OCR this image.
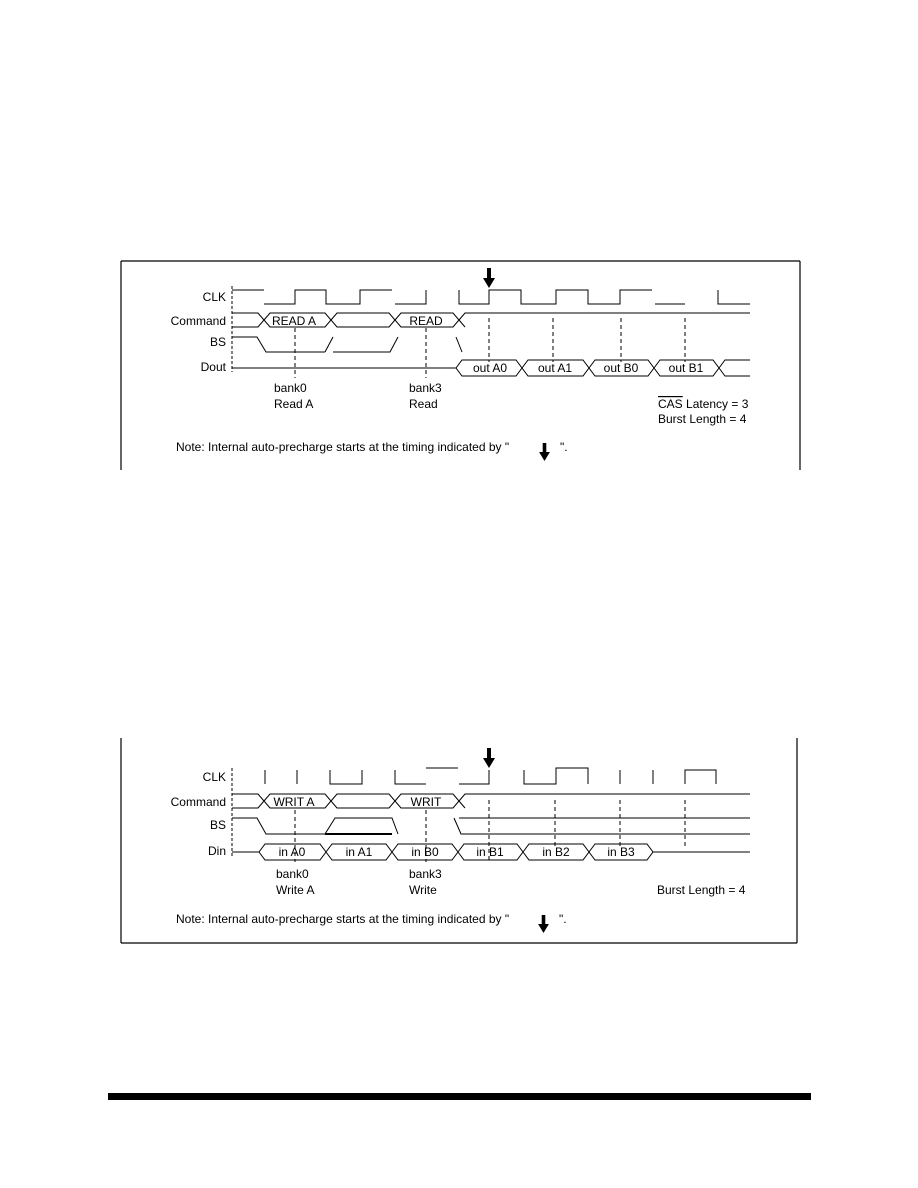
CLK
Command
BS
Dout
READ A	READ
out A0	out A1	out B0	out B1
bank0
Read A
bank3
Read	CAS Latency = 3
Burst Length = 4
Note: Internal auto-precharge starts at the timing indicated by "	".
CLK
Command
BS
Din
WRIT A	WRIT
in A0	in A1	in B0	in B1	in B2	in B3
bank0
Write A
bank3
Write	Burst Length = 4
Note: Internal auto-precharge starts at the timing indicated by "	".
